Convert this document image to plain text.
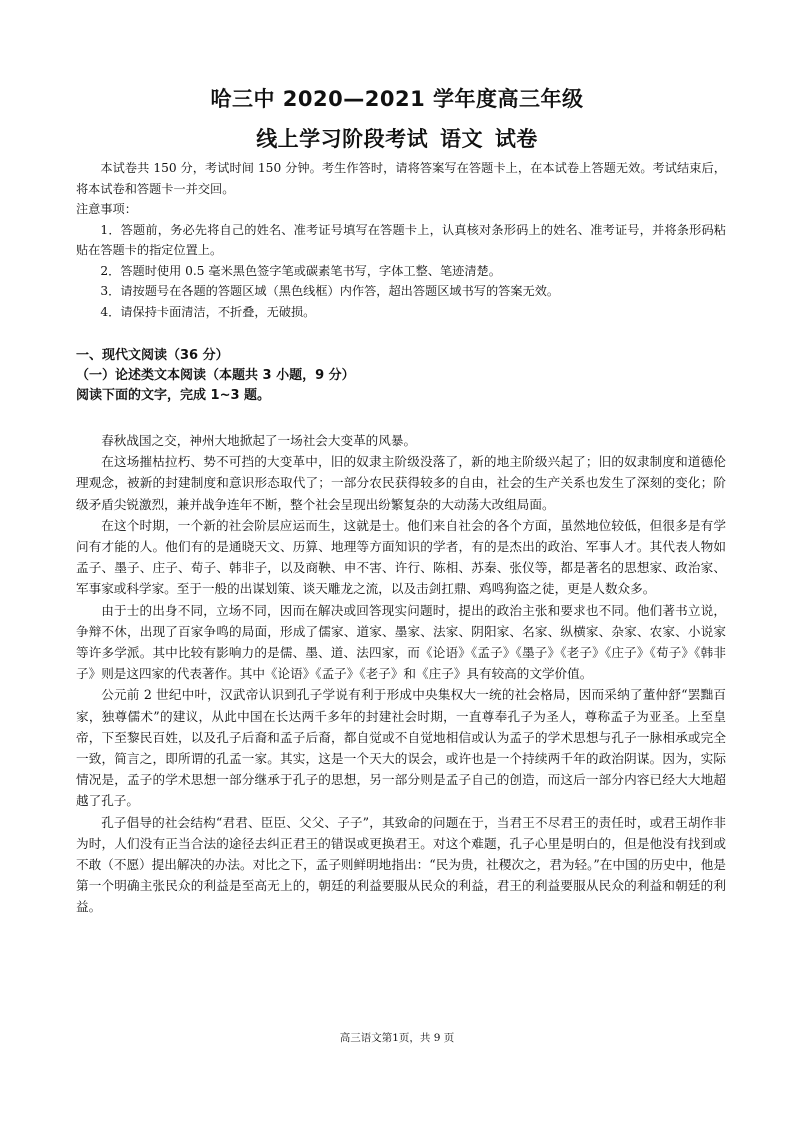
哈三中 2020—2021 学年度高三年级
线上学习阶段考试 语文 试卷

本试卷共 150 分，考试时间 150 分钟。考生作答时，请将答案写在答题卡上，在本试卷上答题无效。考试结束后，将本试卷和答题卡一并交回。

注意事项：

1．答题前，务必先将自己的姓名、准考证号填写在答题卡上，认真核对条形码上的姓名、准考证号，并将条形码粘贴在答题卡的指定位置上。

2．答题时使用 0.5 毫米黑色签字笔或碳素笔书写，字体工整、笔迹清楚。

3．请按题号在各题的答题区域（黑色线框）内作答，超出答题区域书写的答案无效。

4．请保持卡面清洁，不折叠，无破损。

一、现代文阅读（36 分）
（一）论述类文本阅读（本题共 3 小题，9 分）
阅读下面的文字，完成 1~3 题。

春秋战国之交，神州大地掀起了一场社会大变革的风暴。

在这场摧枯拉朽、势不可挡的大变革中，旧的奴隶主阶级没落了，新的地主阶级兴起了；旧的奴隶制度和道德伦理观念，被新的封建制度和意识形态取代了；一部分农民获得较多的自由，社会的生产关系也发生了深刻的变化；阶级矛盾尖锐激烈，兼并战争连年不断，整个社会呈现出纷繁复杂的大动荡大改组局面。

在这个时期，一个新的社会阶层应运而生，这就是士。他们来自社会的各个方面，虽然地位较低，但很多是有学问有才能的人。他们有的是通晓天文、历算、地理等方面知识的学者，有的是杰出的政治、军事人才。其代表人物如孟子、墨子、庄子、荀子、韩非子，以及商鞅、申不害、许行、陈相、苏秦、张仪等，都是著名的思想家、政治家、军事家或科学家。至于一般的出谋划策、谈天雕龙之流，以及击剑扛鼎、鸡鸣狗盗之徒，更是人数众多。

由于士的出身不同，立场不同，因而在解决或回答现实问题时，提出的政治主张和要求也不同。他们著书立说，争辩不休，出现了百家争鸣的局面，形成了儒家、道家、墨家、法家、阴阳家、名家、纵横家、杂家、农家、小说家等许多学派。其中比较有影响力的是儒、墨、道、法四家，而《论语》《孟子》《墨子》《老子》《庄子》《荀子》《韩非子》则是这四家的代表著作。其中《论语》《孟子》《老子》和《庄子》具有较高的文学价值。

公元前 2 世纪中叶，汉武帝认识到孔子学说有利于形成中央集权大一统的社会格局，因而采纳了董仲舒“罢黜百家，独尊儒术”的建议，从此中国在长达两千多年的封建社会时期，一直尊奉孔子为圣人，尊称孟子为亚圣。上至皇帝，下至黎民百姓，以及孔子后裔和孟子后裔，都自觉或不自觉地相信或认为孟子的学术思想与孔子一脉相承或完全一致，简言之，即所谓的孔孟一家。其实，这是一个天大的误会，或许也是一个持续两千年的政治阴谋。因为，实际情况是，孟子的学术思想一部分继承于孔子的思想，另一部分则是孟子自己的创造，而这后一部分内容已经大大地超越了孔子。

孔子倡导的社会结构“君君、臣臣、父父、子子”，其致命的问题在于，当君王不尽君王的责任时，或君王胡作非为时，人们没有正当合法的途径去纠正君王的错误或更换君王。对这个难题，孔子心里是明白的，但是他没有找到或不敢（不愿）提出解决的办法。对比之下，孟子则鲜明地指出：“民为贵，社稷次之，君为轻。”在中国的历史中，他是第一个明确主张民众的利益是至高无上的，朝廷的利益要服从民众的利益，君王的利益要服从民众的利益和朝廷的利益。

高三语文第1页，共 9 页
